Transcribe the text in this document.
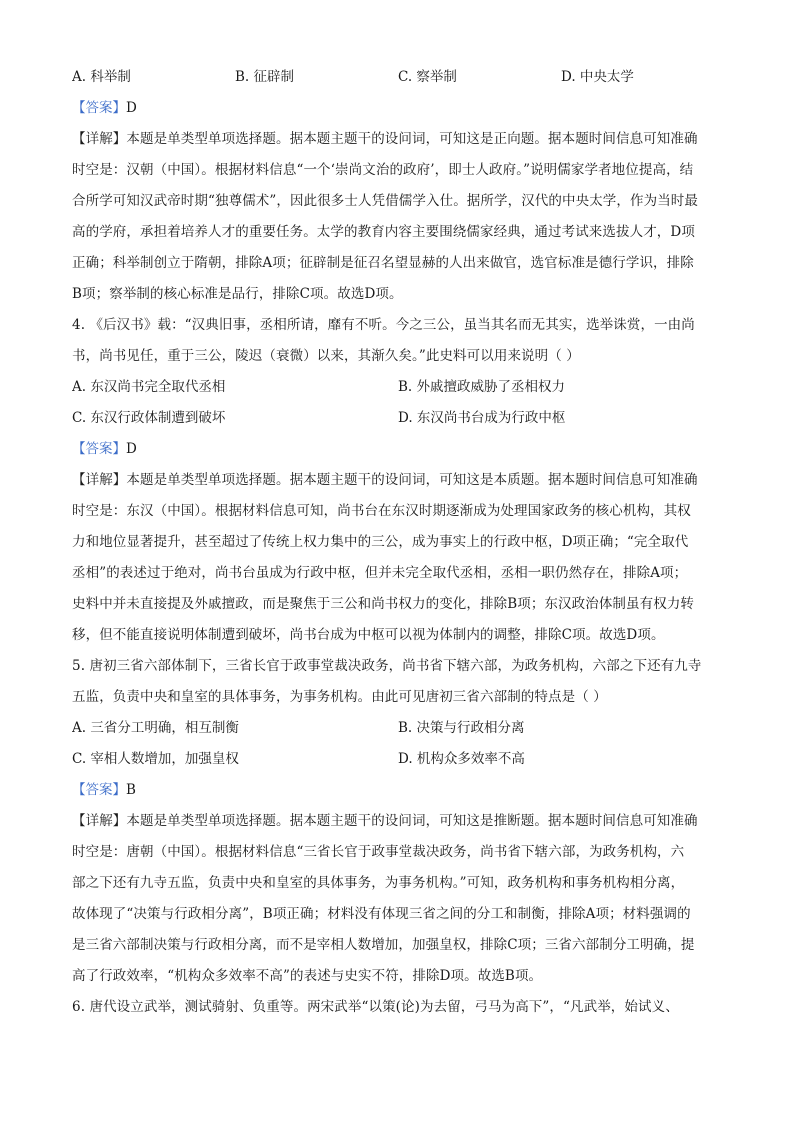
A. 科举制	B. 征辟制	C. 察举制	D. 中央太学
【答案】D
【详解】本题是单类型单项选择题。据本题主题干的设问词，可知这是正向题。据本题时间信息可知准确
时空是：汉朝（中国）。根据材料信息“一个‘崇尚文治的政府’，即士人政府。”说明儒家学者地位提高，结
合所学可知汉武帝时期“独尊儒术”，因此很多士人凭借儒学入仕。据所学，汉代的中央太学，作为当时最
高的学府，承担着培养人才的重要任务。太学的教育内容主要围绕儒家经典，通过考试来选拔人才，D项
正确；科举制创立于隋朝，排除A项；征辟制是征召名望显赫的人出来做官，选官标准是德行学识，排除
B项；察举制的核心标准是品行，排除C项。故选D项。
4. 《后汉书》载：“汉典旧事，丞相所请，靡有不听。今之三公，虽当其名而无其实，选举诛赏，一由尚
书，尚书见任，重于三公，陵迟（衰微）以来，其渐久矣。”此史料可以用来说明（ ）
A. 东汉尚书完全取代丞相	B. 外戚擅政威胁了丞相权力
C. 东汉行政体制遭到破坏	D. 东汉尚书台成为行政中枢
【答案】D
【详解】本题是单类型单项选择题。据本题主题干的设问词，可知这是本质题。据本题时间信息可知准确
时空是：东汉（中国）。根据材料信息可知，尚书台在东汉时期逐渐成为处理国家政务的核心机构，其权
力和地位显著提升，甚至超过了传统上权力集中的三公，成为事实上的行政中枢，D项正确；“完全取代
丞相”的表述过于绝对，尚书台虽成为行政中枢，但并未完全取代丞相，丞相一职仍然存在，排除A项；
史料中并未直接提及外戚擅政，而是聚焦于三公和尚书权力的变化，排除B项；东汉政治体制虽有权力转
移，但不能直接说明体制遭到破坏，尚书台成为中枢可以视为体制内的调整，排除C项。故选D项。
5. 唐初三省六部体制下，三省长官于政事堂裁决政务，尚书省下辖六部，为政务机构，六部之下还有九寺
五监，负责中央和皇室的具体事务，为事务机构。由此可见唐初三省六部制的特点是（ ）
A. 三省分工明确，相互制衡	B. 决策与行政相分离
C. 宰相人数增加，加强皇权	D. 机构众多效率不高
【答案】B
【详解】本题是单类型单项选择题。据本题主题干的设问词，可知这是推断题。据本题时间信息可知准确
时空是：唐朝（中国）。根据材料信息“三省长官于政事堂裁决政务，尚书省下辖六部，为政务机构，六
部之下还有九寺五监，负责中央和皇室的具体事务，为事务机构。”可知，政务机构和事务机构相分离，
故体现了“决策与行政相分离”，B项正确；材料没有体现三省之间的分工和制衡，排除A项；材料强调的
是三省六部制决策与行政相分离，而不是宰相人数增加，加强皇权，排除C项；三省六部制分工明确，提
高了行政效率，“机构众多效率不高”的表述与史实不符，排除D项。故选B项。
6. 唐代设立武举，测试骑射、负重等。两宋武举“以策(论)为去留，弓马为高下”，“凡武举，始试义、
